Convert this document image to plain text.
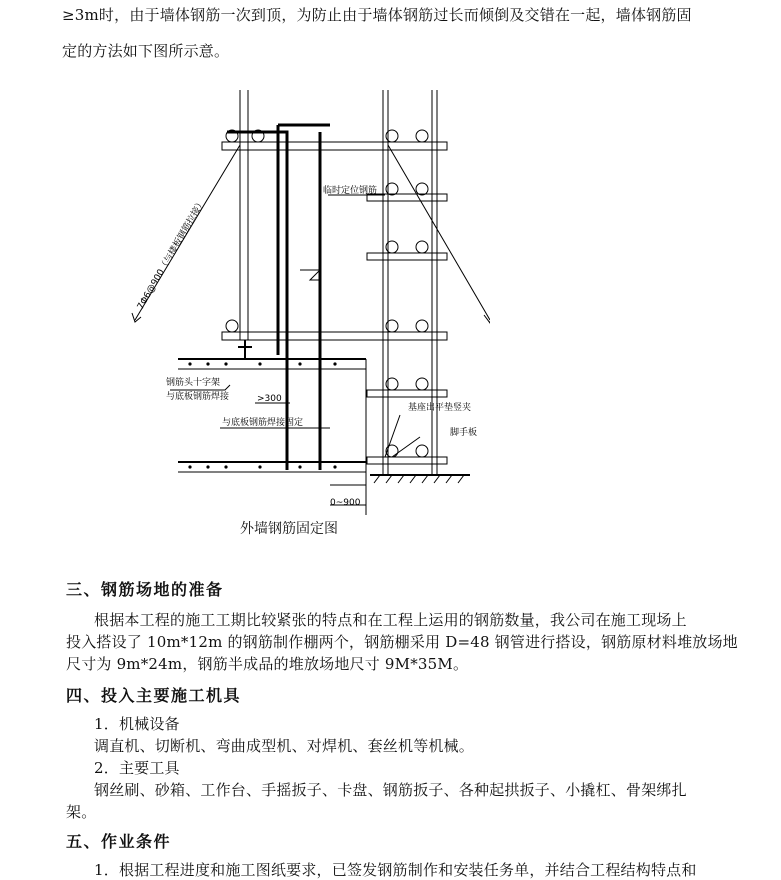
≥3m时，由于墙体钢筋一次到顶，为防止由于墙体钢筋过长而倾倒及交错在一起，墙体钢筋固
定的方法如下图所示意。
临时定位钢筋
钢筋头十字架
与底板钢筋焊接	>300
与底板钢筋焊接固定
0~900
基座出平垫竖夹
脚手板
7Φ6@900（与楼板钢筋拉接）
外墙钢筋固定图
三、钢筋场地的准备
根据本工程的施工工期比较紧张的特点和在工程上运用的钢筋数量，我公司在施工现场上
投入搭设了 10m*12m 的钢筋制作棚两个，钢筋棚采用 D=48 钢管进行搭设，钢筋原材料堆放场地
尺寸为 9m*24m，钢筋半成品的堆放场地尺寸 9M*35M。
四、投入主要施工机具
1．机械设备
调直机、切断机、弯曲成型机、对焊机、套丝机等机械。
2．主要工具
钢丝刷、砂箱、工作台、手摇扳子、卡盘、钢筋扳子、各种起拱扳子、小撬杠、骨架绑扎
架。
五、作业条件
1．根据工程进度和施工图纸要求，已签发钢筋制作和安装任务单，并结合工程结构特点和
